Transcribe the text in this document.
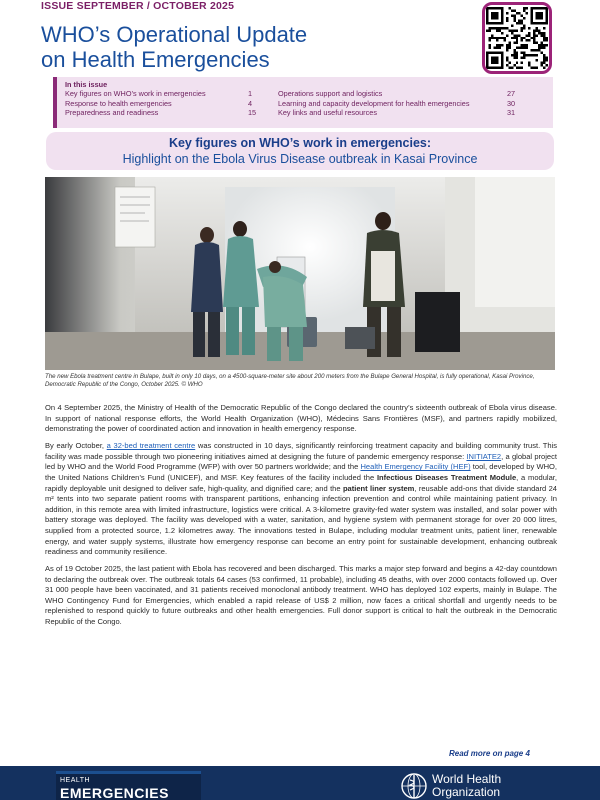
ISSUE SEPTEMBER / OCTOBER 2025
WHO’s Operational Update
on Health Emergencies
In this issue
Key figures on WHO’s work in emergencies	1	Operations support and logistics	27
Response to health emergencies	4	Learning and capacity development for health emergencies	30
Preparedness and readiness	15	Key links and useful resources	31
Key figures on WHO’s work in emergencies:
Highlight on the Ebola Virus Disease outbreak in Kasai Province
The new Ebola treatment centre in Bulape, built in only 10 days, on a 4500-square-meter site about 200 meters from the Bulape General Hospital, is fully operational, Kasai Province, Democratic Republic of the Congo, October 2025. © WHO

On 4 September 2025, the Ministry of Health of the Democratic Republic of the Congo declared the country’s sixteenth outbreak of Ebola virus disease. In support of national response efforts, the World Health Organization (WHO), Médecins Sans Frontières (MSF), and partners rapidly mobilized, demonstrating the power of coordinated action and innovation in health emergency response.

By early October, a 32-bed treatment centre was constructed in 10 days, significantly reinforcing treatment capacity and building community trust. This facility was made possible through two pioneering initiatives aimed at designing the future of pandemic emergency response: INITIATE2, a global project led by WHO and the World Food Programme (WFP) with over 50 partners worldwide; and the Health Emergency Facility (HEF) tool, developed by WHO, the United Nations Children’s Fund (UNICEF), and MSF. Key features of the facility included the Infectious Diseases Treatment Module, a modular, rapidly deployable unit designed to deliver safe, high-quality, and dignified care; and the patient liner system, reusable add-ons that divide standard 24 m² tents into two separate patient rooms with transparent partitions, enhancing infection prevention and control while maintaining patient privacy. In addition, in this remote area with limited infrastructure, logistics were critical. A 3-kilometre gravity-fed water system was installed, and solar power with battery storage was deployed. The facility was developed with a water, sanitation, and hygiene system with permanent storage for over 20 000 litres, supplied from a protected source, 1.2 kilometres away. The innovations tested in Bulape, including modular treatment units, patient liner, renewable energy, and water supply systems, illustrate how emergency response can become an entry point for sustainable development, enhancing outbreak readiness and community resilience.

As of 19 October 2025, the last patient with Ebola has recovered and been discharged. This marks a major step forward and begins a 42-day countdown to declaring the outbreak over. The outbreak totals 64 cases (53 confirmed, 11 probable), including 45 deaths, with over 2000 contacts followed up. Over 31 000 people have been vaccinated, and 31 patients received monoclonal antibody treatment. WHO has deployed 102 experts, mainly in Bulape. The WHO Contingency Fund for Emergencies, which enabled a rapid release of US$ 2 million, now faces a critical shortfall and urgently needs to be replenished to respond quickly to future outbreaks and other health emergencies. Full donor support is critical to halt the outbreak in the Democratic Republic of the Congo.

Read more on page 4
HEALTH
EMERGENCIES
World Health
Organization
